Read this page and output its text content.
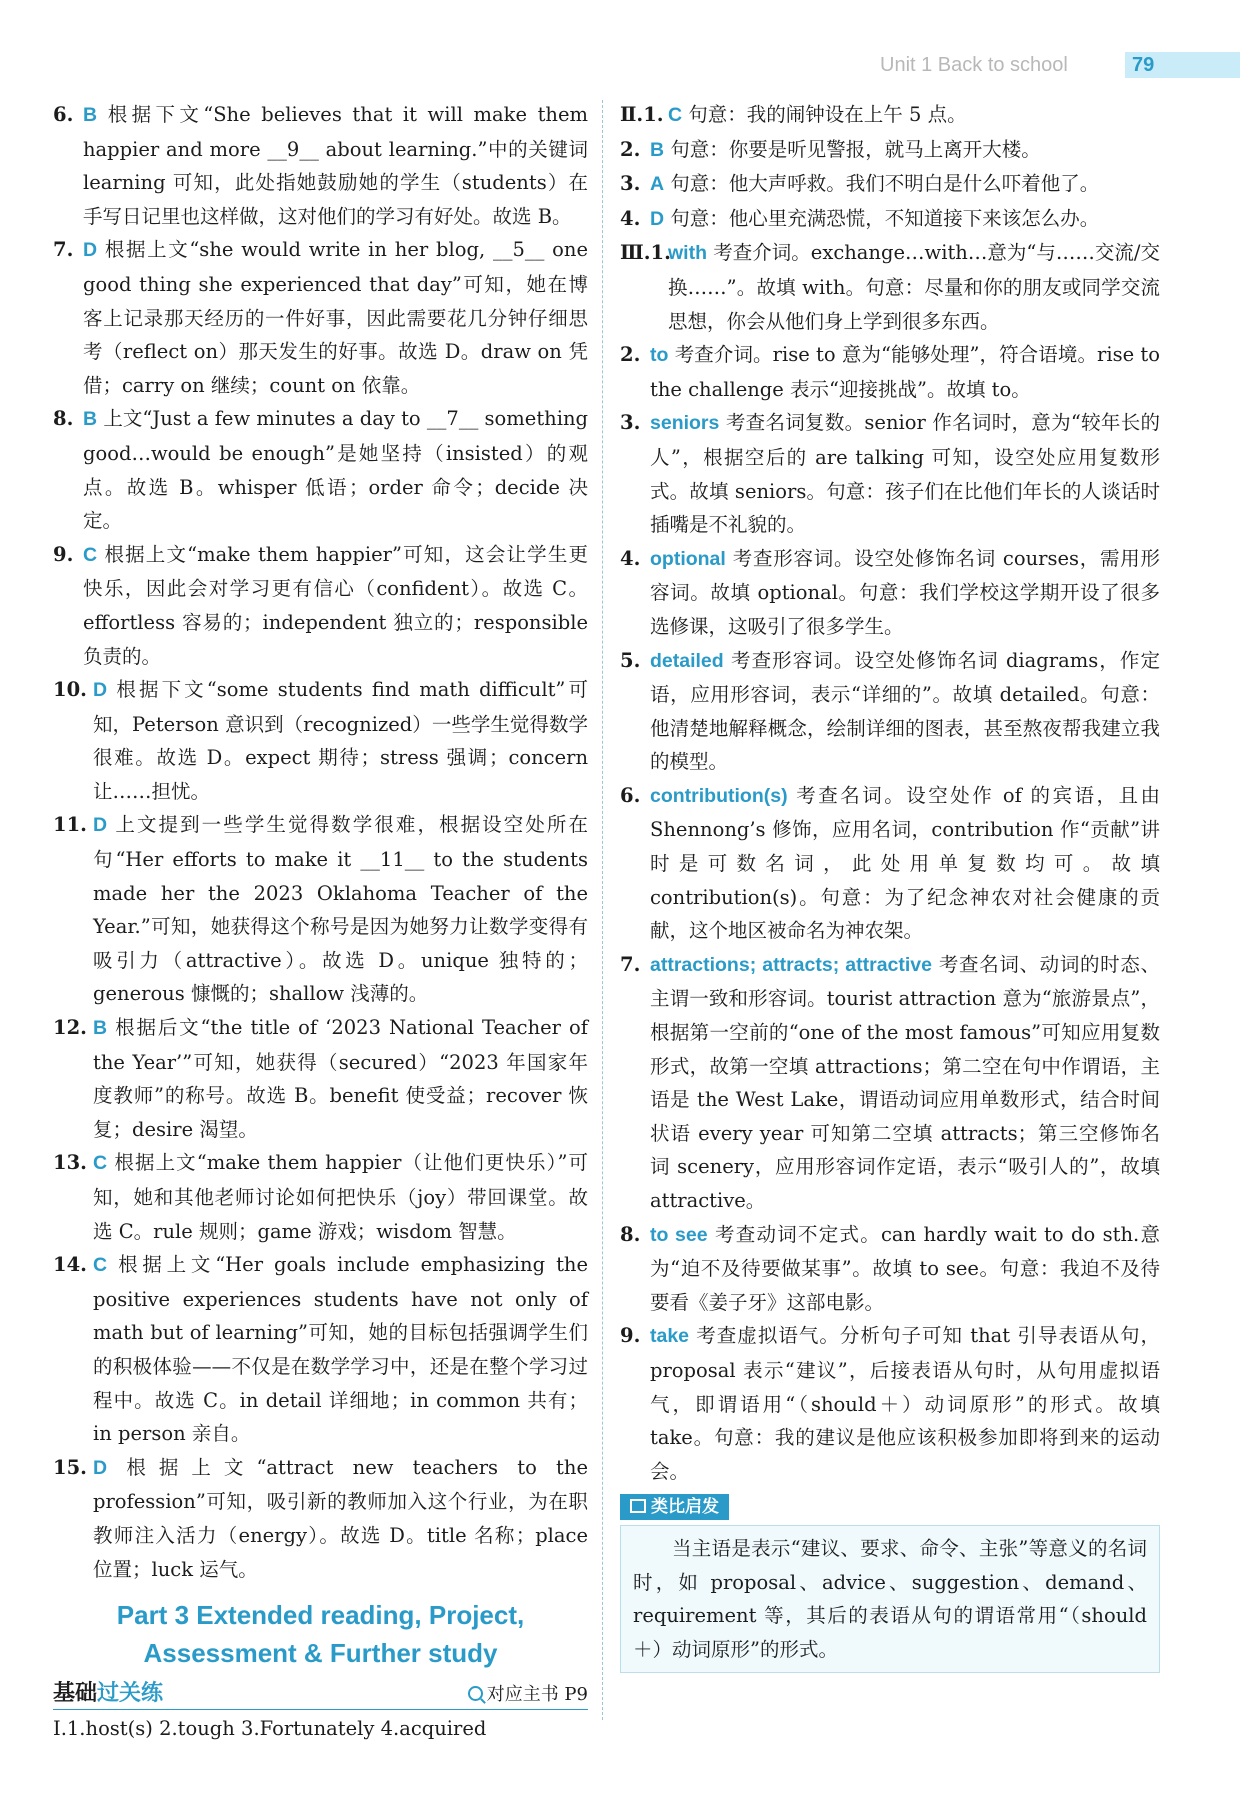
Unit 1 Back to school	79
6. B 根据下文“She believes that it will make them happier and more __9__ about learning.”中的关键词 learning 可知，此处指她鼓励她的学生（students）在手写日记里也这样做，这对他们的学习有好处。故选 B。
7. D 根据上文“she would write in her blog, __5__ one good thing she experienced that day”可知，她在博客上记录那天经历的一件好事，因此需要花几分钟仔细思考（reflect on）那天发生的好事。故选 D。draw on 凭借；carry on 继续；count on 依靠。
8. B 上文“Just a few minutes a day to __7__ something good…would be enough”是她坚持（insisted）的观点。故选 B。whisper 低语；order 命令；decide 决定。
9. C 根据上文“make them happier”可知，这会让学生更快乐，因此会对学习更有信心（confident）。故选 C。effortless 容易的；independent 独立的；responsible 负责的。
10. D 根据下文“some students find math difficult”可知，Peterson 意识到（recognized）一些学生觉得数学很难。故选 D。expect 期待；stress 强调；concern 让……担忧。
11. D 上文提到一些学生觉得数学很难，根据设空处所在句“Her efforts to make it __11__ to the students made her the 2023 Oklahoma Teacher of the Year.”可知，她获得这个称号是因为她努力让数学变得有吸引力（attractive）。故选 D。unique 独特的；generous 慷慨的；shallow 浅薄的。
12. B 根据后文“the title of ‘2023 National Teacher of the Year’”可知，她获得（secured）“2023 年国家年度教师”的称号。故选 B。benefit 使受益；recover 恢复；desire 渴望。
13. C 根据上文“make them happier（让他们更快乐）”可知，她和其他老师讨论如何把快乐（joy）带回课堂。故选 C。rule 规则；game 游戏；wisdom 智慧。
14. C 根据上文“Her goals include emphasizing the positive experiences students have not only of math but of learning”可知，她的目标包括强调学生们的积极体验——不仅是在数学学习中，还是在整个学习过程中。故选 C。in detail 详细地；in common 共有；in person 亲自。
15. D 根据上文“attract new teachers to the profession”可知，吸引新的教师加入这个行业，为在职教师注入活力（energy）。故选 D。title 名称；place 位置；luck 运气。
Part 3 Extended reading, Project,
Assessment & Further study
基础过关练	对应主书 P9
Ⅰ.1.host(s) 2.tough 3.Fortunately 4.acquired
Ⅱ.1. C 句意：我的闹钟设在上午 5 点。
2. B 句意：你要是听见警报，就马上离开大楼。
3. A 句意：他大声呼救。我们不明白是什么吓着他了。
4. D 句意：他心里充满恐慌，不知道接下来该怎么办。
Ⅲ.1.
with 考查介词。exchange…with…意为“与……交流/交换……”。故填 with。句意：尽量和你的朋友或同学交流思想，你会从他们身上学到很多东西。
2. to 考查介词。rise to 意为“能够处理”，符合语境。rise to the challenge 表示“迎接挑战”。故填 to。
3. seniors 考查名词复数。senior 作名词时，意为“较年长的人”，根据空后的 are talking 可知，设空处应用复数形式。故填 seniors。句意：孩子们在比他们年长的人谈话时插嘴是不礼貌的。
4. optional 考查形容词。设空处修饰名词 courses，需用形容词。故填 optional。句意：我们学校这学期开设了很多选修课，这吸引了很多学生。
5. detailed 考查形容词。设空处修饰名词 diagrams，作定语，应用形容词，表示“详细的”。故填 detailed。句意：他清楚地解释概念，绘制详细的图表，甚至熬夜帮我建立我的模型。
6. contribution(s) 考查名词。设空处作 of 的宾语，且由 Shennong’s 修饰，应用名词，contribution 作“贡献”讲时是可数名词，此处用单复数均可。故填 contribution(s)。句意：为了纪念神农对社会健康的贡献，这个地区被命名为神农架。
7. attractions; attracts; attractive 考查名词、动词的时态、主谓一致和形容词。tourist attraction 意为“旅游景点”，根据第一空前的“one of the most famous”可知应用复数形式，故第一空填 attractions；第二空在句中作谓语，主语是 the West Lake，谓语动词应用单数形式，结合时间状语 every year 可知第二空填 attracts；第三空修饰名词 scenery，应用形容词作定语，表示“吸引人的”，故填 attractive。
8. to see 考查动词不定式。can hardly wait to do sth.意为“迫不及待要做某事”。故填 to see。句意：我迫不及待要看《姜子牙》这部电影。
9. take 考查虚拟语气。分析句子可知 that 引导表语从句，proposal 表示“建议”，后接表语从句时，从句用虚拟语气，即谓语用“（should＋）动词原形”的形式。故填 take。句意：我的建议是他应该积极参加即将到来的运动会。
类比启发
当主语是表示“建议、要求、命令、主张”等意义的名词时，如 proposal、advice、suggestion、demand、requirement 等，其后的表语从句的谓语常用“（should＋）动词原形”的形式。
